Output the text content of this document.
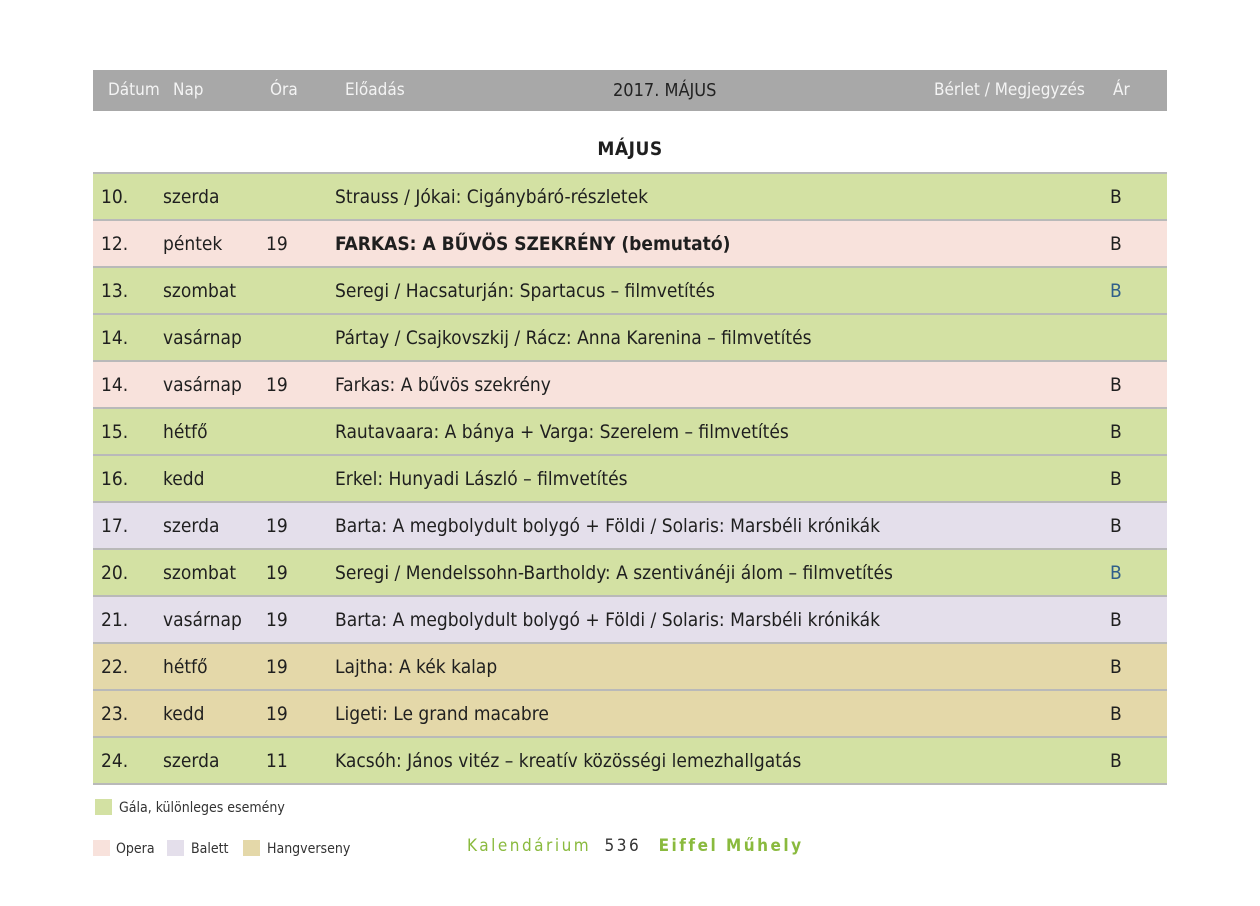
Dátum Nap	Óra	Előadás	2017. MÁJUS	Bérlet / Megjegyzés Ár
MÁJUS
10. szerda	Strauss / Jókai: Cigánybáró-részletek	B
12. péntek 19 FARKAS: A BŰVÖS SZEKRÉNY (bemutató)	B
13. szombat	Seregi / Hacsaturján: Spartacus – filmvetítés	B
14. vasárnap	Pártay / Csajkovszkij / Rácz: Anna Karenina – filmvetítés
14. vasárnap 19 Farkas: A bűvös szekrény	B
15. hétfő	Rautavaara: A bánya + Varga: Szerelem – filmvetítés	B
16. kedd	Erkel: Hunyadi László – filmvetítés	B
17. szerda 19 Barta: A megbolydult bolygó + Földi / Solaris: Marsbéli krónikák	B
20. szombat 19 Seregi / Mendelssohn-Bartholdy: A szentivánéji álom – filmvetítés	B
21. vasárnap 19 Barta: A megbolydult bolygó + Földi / Solaris: Marsbéli krónikák	B
22. hétfő	19 Lajtha: A kék kalap	B
23. kedd	19 Ligeti: Le grand macabre	B
24. szerda 11 Kacsóh: János vitéz – kreatív közösségi lemezhallgatás	B
Gála, különleges esemény
Opera	Balett	Hangverseny	Kalendárium 536 Eiffel Műhely
